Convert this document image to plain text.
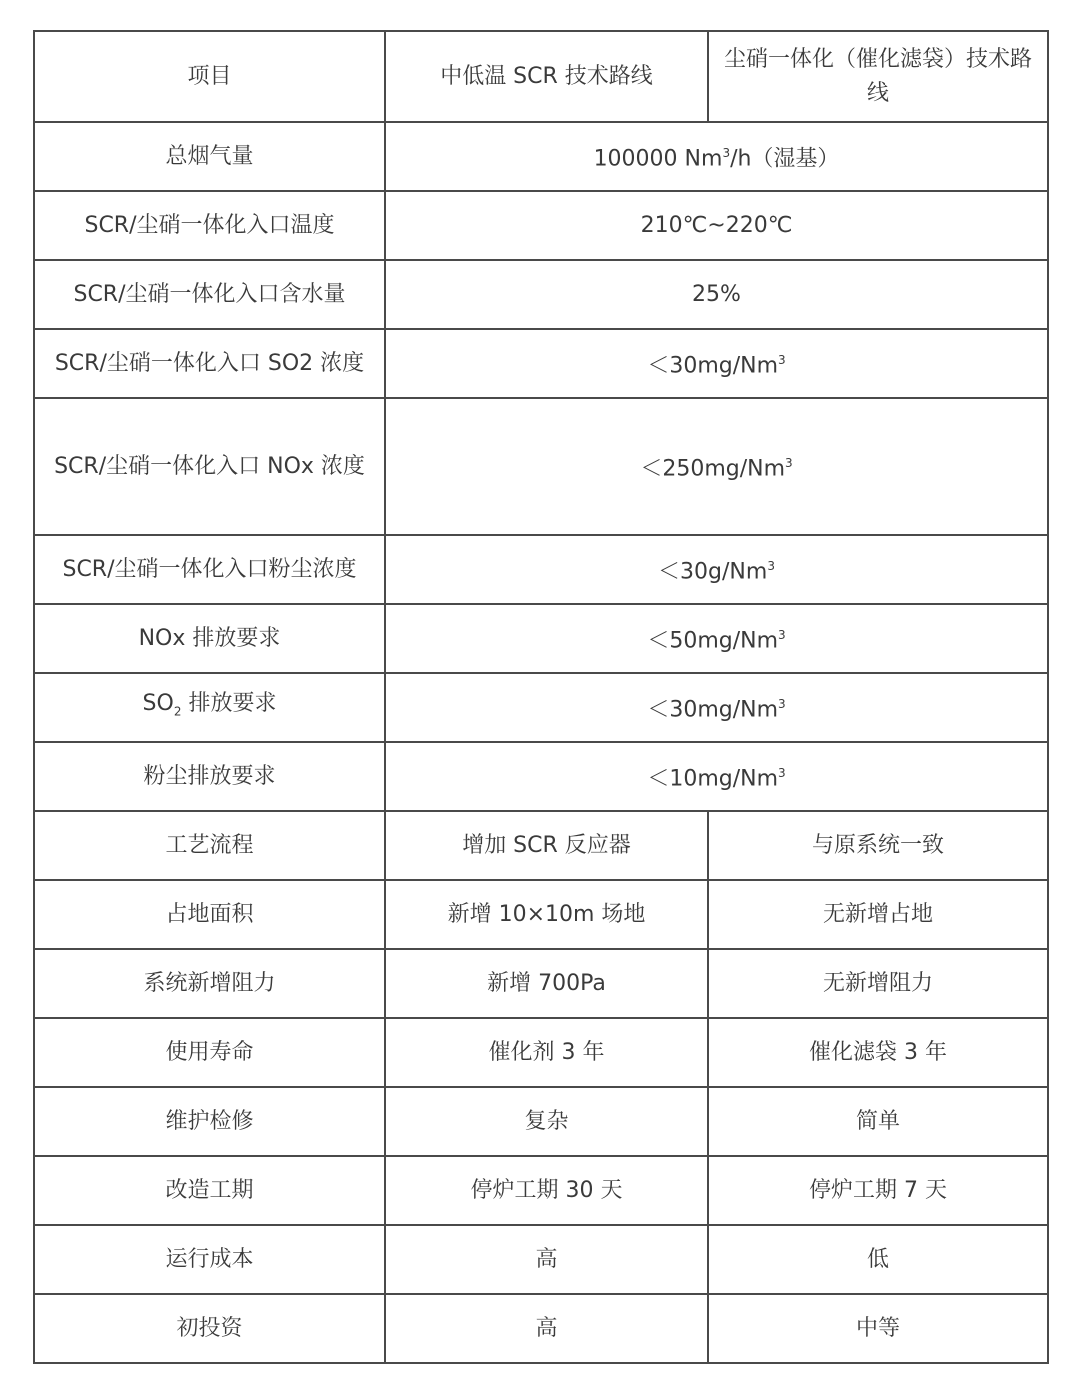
项目	中低温 SCR 技术路线	尘硝一体化（催化滤袋）技术路线
总烟气量	100000 Nm$^3$/h（湿基）	
SCR/尘硝一体化入口温度	210℃~220℃	
SCR/尘硝一体化入口含水量	25%	
SCR/尘硝一体化入口 SO2 浓度	$<30mg/Nm^3$
SCR/尘硝一体化入口 NOx 浓度	$<250mg/Nm^3$
SCR/尘硝一体化入口粉尘浓度	$<30g/Nm^3$
NOx 排放要求	$<50mg/Nm^3$
$SO_2$ 排放要求	$<30mg/Nm^3$
粉尘排放要求	$<10mg/Nm^3$
工艺流程	增加 SCR 反应器	与原系统一致
占地面积	新增 10×10m 场地	无新增占地
系统新增阻力	新增 700Pa	无新增阻力
使用寿命	催化剂 3 年	催化滤袋 3 年
维护检修	复杂	简单
改造工期	停炉工期 30 天	停炉工期 7 天
运行成本	高	低
初投资	高	中等
